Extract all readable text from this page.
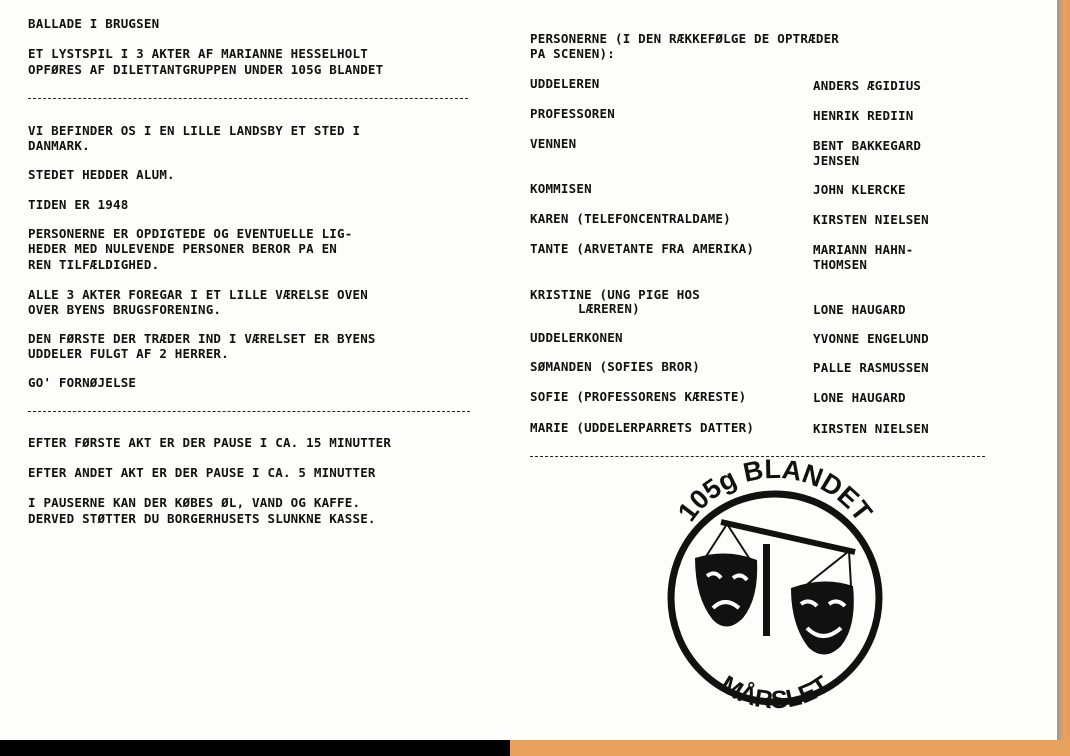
BALLADE I BRUGSEN
ET LYSTSPIL I 3 AKTER AF MARIANNE HESSELHOLT
OPFØRES AF DILETTANTGRUPPEN UNDER 105G BLANDET
VI BEFINDER OS I EN LILLE LANDSBY ET STED I
DANMARK.
STEDET HEDDER ALUM.
TIDEN ER 1948
PERSONERNE ER OPDIGTEDE OG EVENTUELLE LIG-
HEDER MED NULEVENDE PERSONER BEROR PA EN
REN TILFÆLDIGHED.
ALLE 3 AKTER FOREGAR I ET LILLE VÆRELSE OVEN
OVER BYENS BRUGSFORENING.
DEN FØRSTE DER TRÆDER IND I VÆRELSET ER BYENS
UDDELER FULGT AF 2 HERRER.
GO' FORNØJELSE
EFTER FØRSTE AKT ER DER PAUSE I CA. 15 MINUTTER
EFTER ANDET AKT ER DER PAUSE I CA. 5 MINUTTER
I PAUSERNE KAN DER KØBES ØL, VAND OG KAFFE.
DERVED STØTTER DU BORGERHUSETS SLUNKNE KASSE.
PERSONERNE (I DEN RÆKKEFØLGE DE OPTRÆDER
PA SCENEN):
UDDELEREN	ANDERS ÆGIDIUS
PROFESSOREN	HENRIK REDIIN
VENNEN	BENT BAKKEGARD
JENSEN
KOMMISEN	JOHN KLERCKE
KAREN (TELEFONCENTRALDAME)	KIRSTEN NIELSEN
TANTE (ARVETANTE FRA AMERIKA)	MARIANN HAHN-
THOMSEN
KRISTINE (UNG PIGE HOS
LÆREREN)	LONE HAUGARD
UDDELERKONEN	YVONNE ENGELUND
SØMANDEN (SOFIES BROR)	PALLE RASMUSSEN
SOFIE (PROFESSORENS KÆRESTE)	LONE HAUGARD
MARIE (UDDELERPARRETS DATTER)	KIRSTEN NIELSEN
105g BLANDET
MÅRSLET
